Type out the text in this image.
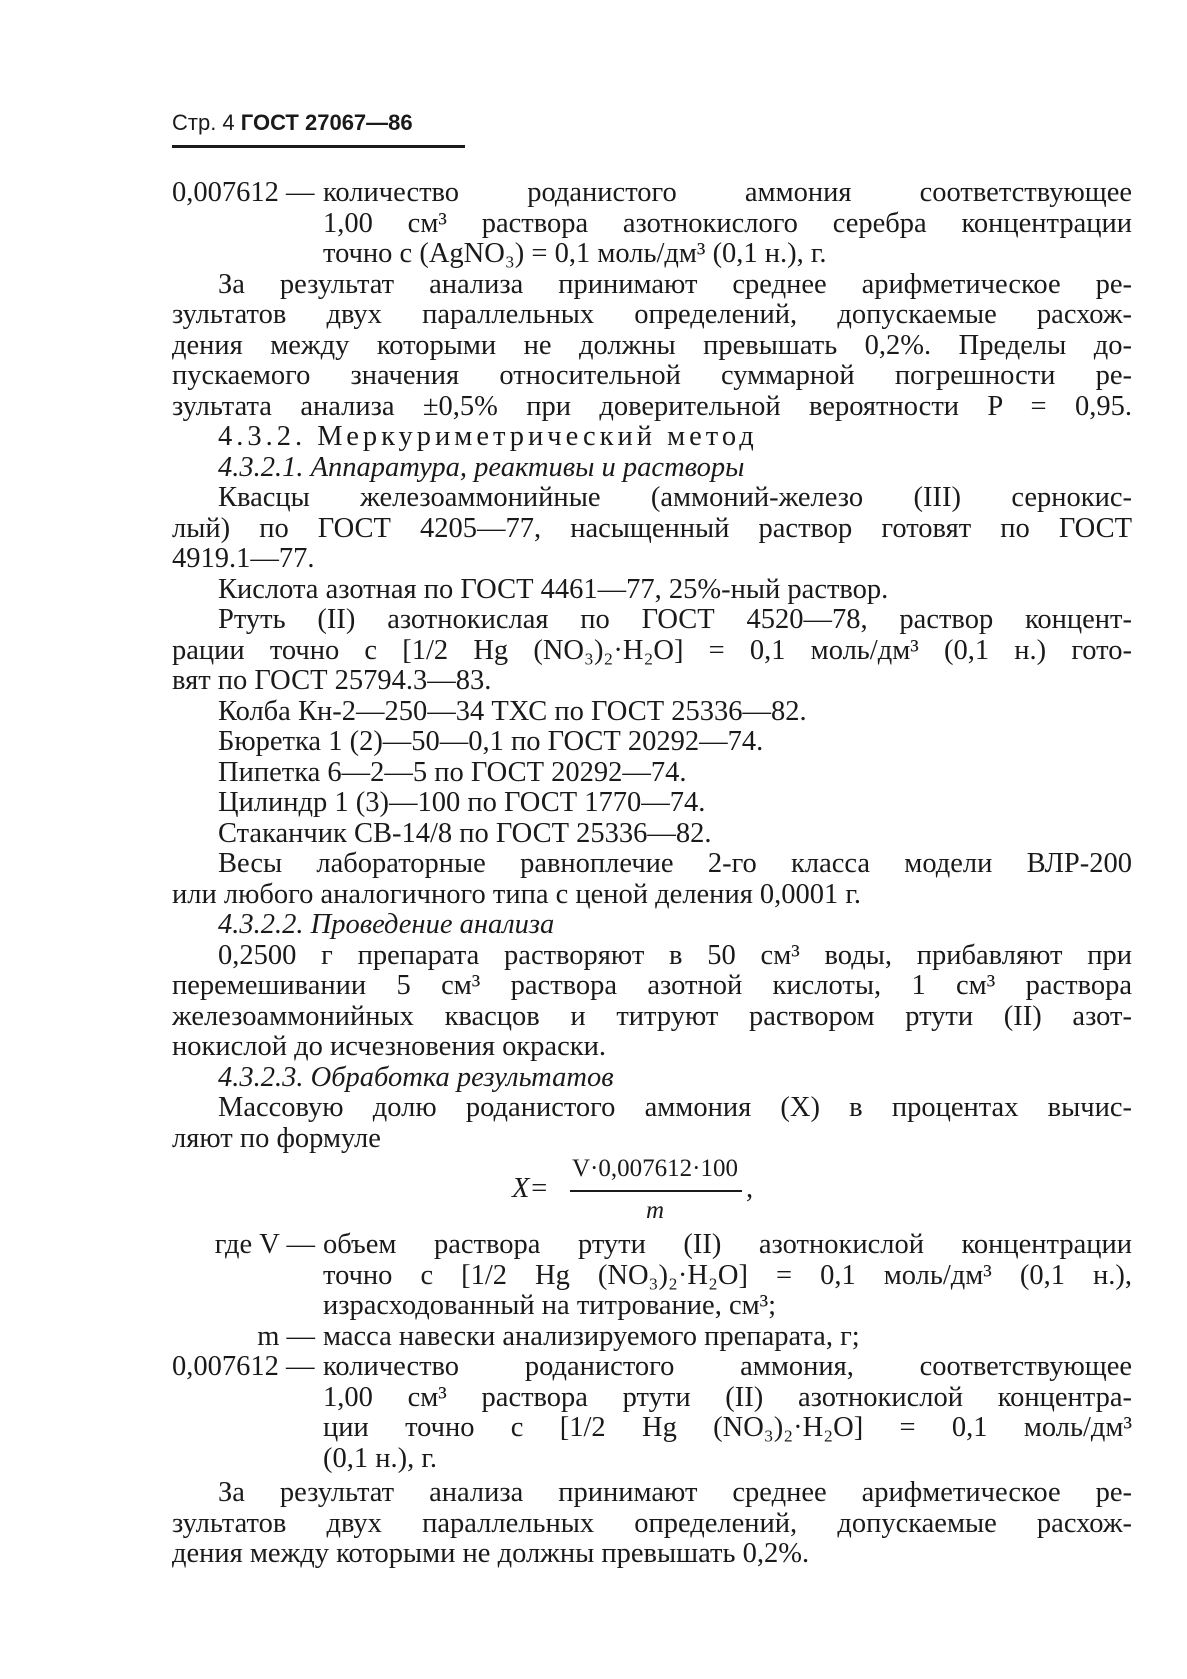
Стр. 4 ГОСТ 27067—86
0,007612 — количество роданистого аммония соответствующее
1,00 см³ раствора азотнокислого серебра концентрации
точно c (AgNO₃) = 0,1 моль/дм³ (0,1 н.), г.
За результат анализа принимают среднее арифметическое ре-
зультатов двух параллельных определений, допускаемые расхож-
дения между которыми не должны превышать 0,2%. Пределы до-
пускаемого значения относительной суммарной погрешности ре-
зультата анализа ±0,5% при доверительной вероятности P = 0,95.
4.3.2. Меркуриметрический метод
4.3.2.1. Аппаратура, реактивы и растворы
Квасцы железоаммонийные (аммоний-железо (III) сернокис-
лый) по ГОСТ 4205—77, насыщенный раствор готовят по ГОСТ
4919.1—77.
Кислота азотная по ГОСТ 4461—77, 25%-ный раствор.
Ртуть (II) азотнокислая по ГОСТ 4520—78, раствор концент-
рации точно c [1/2 Hg (NO₃)₂·H₂O] = 0,1 моль/дм³ (0,1 н.) гото-
вят по ГОСТ 25794.3—83.
Колба Кн-2—250—34 ТХС по ГОСТ 25336—82.
Бюретка 1 (2)—50—0,1 по ГОСТ 20292—74.
Пипетка 6—2—5 по ГОСТ 20292—74.
Цилиндр 1 (3)—100 по ГОСТ 1770—74.
Стаканчик СВ-14/8 по ГОСТ 25336—82.
Весы лабораторные равноплечие 2-го класса модели ВЛР-200
или любого аналогичного типа с ценой деления 0,0001 г.
4.3.2.2. Проведение анализа
0,2500 г препарата растворяют в 50 см³ воды, прибавляют при
перемешивании 5 см³ раствора азотной кислоты, 1 см³ раствора
железоаммонийных квасцов и титруют раствором ртути (II) азот-
нокислой до исчезновения окраски.
4.3.2.3. Обработка результатов
Массовую долю роданистого аммония (X) в процентах вычис-
ляют по формуле
X=
V·0,007612·100
m
,
где V — объем раствора ртути (II) азотнокислой концентрации
точно c [1/2 Hg (NO₃)₂·H₂O] = 0,1 моль/дм³ (0,1 н.),
израсходованный на титрование, см³;
m — масса навески анализируемого препарата, г;
0,007612 — количество роданистого аммония, соответствующее
1,00 см³ раствора ртути (II) азотнокислой концентра-
ции точно c [1/2 Hg (NO₃)₂·H₂O] = 0,1 моль/дм³
(0,1 н.), г.
За результат анализа принимают среднее арифметическое ре-
зультатов двух параллельных определений, допускаемые расхож-
дения между которыми не должны превышать 0,2%.
